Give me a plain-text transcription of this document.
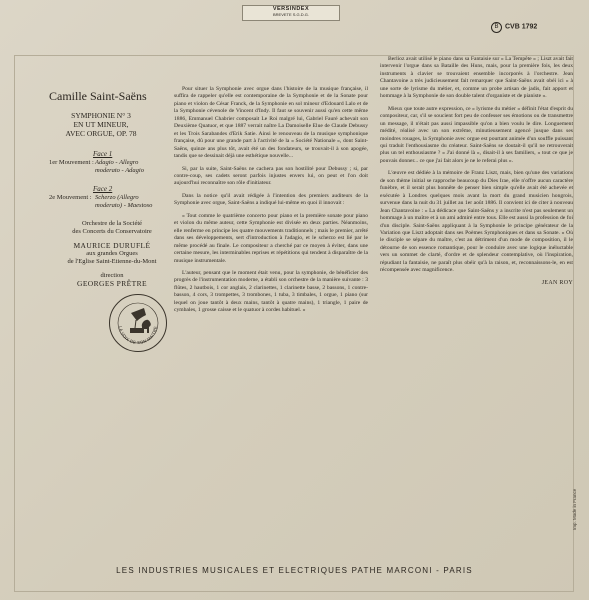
VERSINDEX
BREVETE S.G.D.G.
B CVB 1792
Camille Saint-Saëns
SYMPHONIE N° 3
EN UT MINEUR,
AVEC ORGUE, OP. 78
Face 1
1er Mouvement : Adagio - Allegro moderato - Adagio
Face 2
2e Mouvement : Scherzo (Allegro moderato) - Maestoso
Orchestre de la Société
des Concerts du Conservatoire
MAURICE DURUFLÉ
aux grandes Orgues
de l'Eglise Saint-Etienne-du-Mont
direction
GEORGES PRÊTRE
LA VOIX DE SON MAITRE

Pour situer la Symphonie avec orgue dans l'histoire de la musique française, il suffira de rappeler qu'elle est contemporaine de la Symphonie et de la Sonate pour piano et violon de César Franck, de la Symphonie en sol mineur d'Edouard Lalo et de la Symphonie cévenole de Vincent d'Indy. Il faut se souvenir aussi qu'en cette même 1886, Emmanuel Chabrier composait Le Roi malgré lui, Gabriel Fauré achevait son Deuxième Quatuor, et que 1887 verrait naître La Damoiselle Elue de Claude Debussy et les Trois Sarabandes d'Erik Satie. Ainsi le renouveau de la musique symphonique française, dû pour une grande part à l'activité de la « Société Nationale », dont Saint-Saëns, quinze ans plus tôt, avait été un des fondateurs, se trouvait-il à son apogée, tandis que se dessinait déjà une esthétique nouvelle...

Si, par la suite, Saint-Saëns ne cachera pas son hostilité pour Debussy ; si, par contre-coup, ses cadets seront parfois injustes envers lui, on peut et l'on doit aujourd'hui reconnaître son rôle d'initiateur.

Dans la notice qu'il avait rédigée à l'intention des premiers auditeurs de la Symphonie avec orgue, Saint-Saëns a indiqué lui-même en quoi il innovait :

« Tout comme le quatrième concerto pour piano et la première sonate pour piano et violon du même auteur, cette Symphonie est divisée en deux parties. Néanmoins, elle renferme en principe les quatre mouvements traditionnels ; mais le premier, arrêté dans ses développements, sert d'introduction à l'adagio, et le scherzo est lié par le même procédé au finale. Le compositeur a cherché par ce moyen à éviter, dans une certaine mesure, les interminables reprises et répétitions qui tendent à disparaître de la musique instrumentale.

L'auteur, pensant que le moment était venu, pour la symphonie, de bénéficier des progrès de l'instrumentation moderne, a établi son orchestre de la manière suivante : 3 flûtes, 2 hautbois, 1 cor anglais, 2 clarinettes, 1 clarinette basse, 2 bassons, 1 contre-basson, 4 cors, 3 trompettes, 3 trombones, 1 tuba, 3 timbales, 1 orgue, 1 piano (sur lequel on joue tantôt à deux mains, tantôt à quatre mains), 1 triangle, 1 paire de cymbales, 1 grosse caisse et le quatuor à cordes habituel. »

Berlioz avait utilisé le piano dans sa Fantaisie sur « La Tempête » ; Liszt avait fait intervenir l'orgue dans sa Bataille des Huns, mais, pour la première fois, les deux instruments à clavier se trouvaient ensemble incorporés à l'orchestre. Jean Chantavoine a très judicieusement fait remarquer que Saint-Saëns avait obéi ici « à une sorte de lyrisme du métier, et, comme un probe artisan de jadis, fait apport et hommage à la Symphonie de son double talent d'organiste et de pianiste ».

Mieux que toute autre expression, ce « lyrisme du métier » définit l'état d'esprit du compositeur, car, s'il se soucient fort peu de confesser ses émotions ou de transmettre un message, il n'était pas aussi impassible qu'on a bien voulu le dire. Longuement médité, réalisé avec un son extrême, minutieusement agencé jusque dans ses moindres rouages, la Symphonie avec orgue est pourtant animée d'un souffle puissant qui traduit l'enthousiasme du créateur. Saint-Saëns se doutait-il qu'il ne retrouverait plus un tel enthousiasme ? « J'ai donné là », disait-il à ses familiers, « tout ce que je pouvais donner... ce que j'ai fait alors je ne le referai plus ».

L'œuvre est dédiée à la mémoire de Franz Liszt, mais, bien qu'une des variations de son thème initial se rapproche beaucoup du Dies Irae, elle n'offre aucun caractère funèbre, et il serait plus honnête de penser bien simple qu'elle avait été achevée et exécutée à Londres quelques mois avant la mort du grand musicien hongrois, survenue dans la nuit du 31 juillet au 1er août 1886. Il convient ici de citer à nouveau Jean Chantavoine : « La dédicace que Saint-Saëns y a inscrite n'est pas seulement un hommage à un maître et à un ami admiré entre tous. Elle est aussi la profession de foi d'un disciple. Saint-Saëns appliquant à la Symphonie le principe générateur de la Variation que Liszt adoptait dans ses Poèmes Symphoniques et dans sa Sonate. » Où le disciple se sépare du maître, c'est au détriment d'un mode de composition, il le détourne de son essence romantique, pour le conduire avec une logique inéluctable vers un sommet de clarté, d'ordre et de splendeur contemplative, où l'inspiration, répudiant la fantaisie, ne paraît plus obéir qu'à la raison, et, reconnaissons-le, en est récompensée avec magnificence.

JEAN ROY
Imp. Made in France
LES INDUSTRIES MUSICALES ET ELECTRIQUES PATHE MARCONI - PARIS
